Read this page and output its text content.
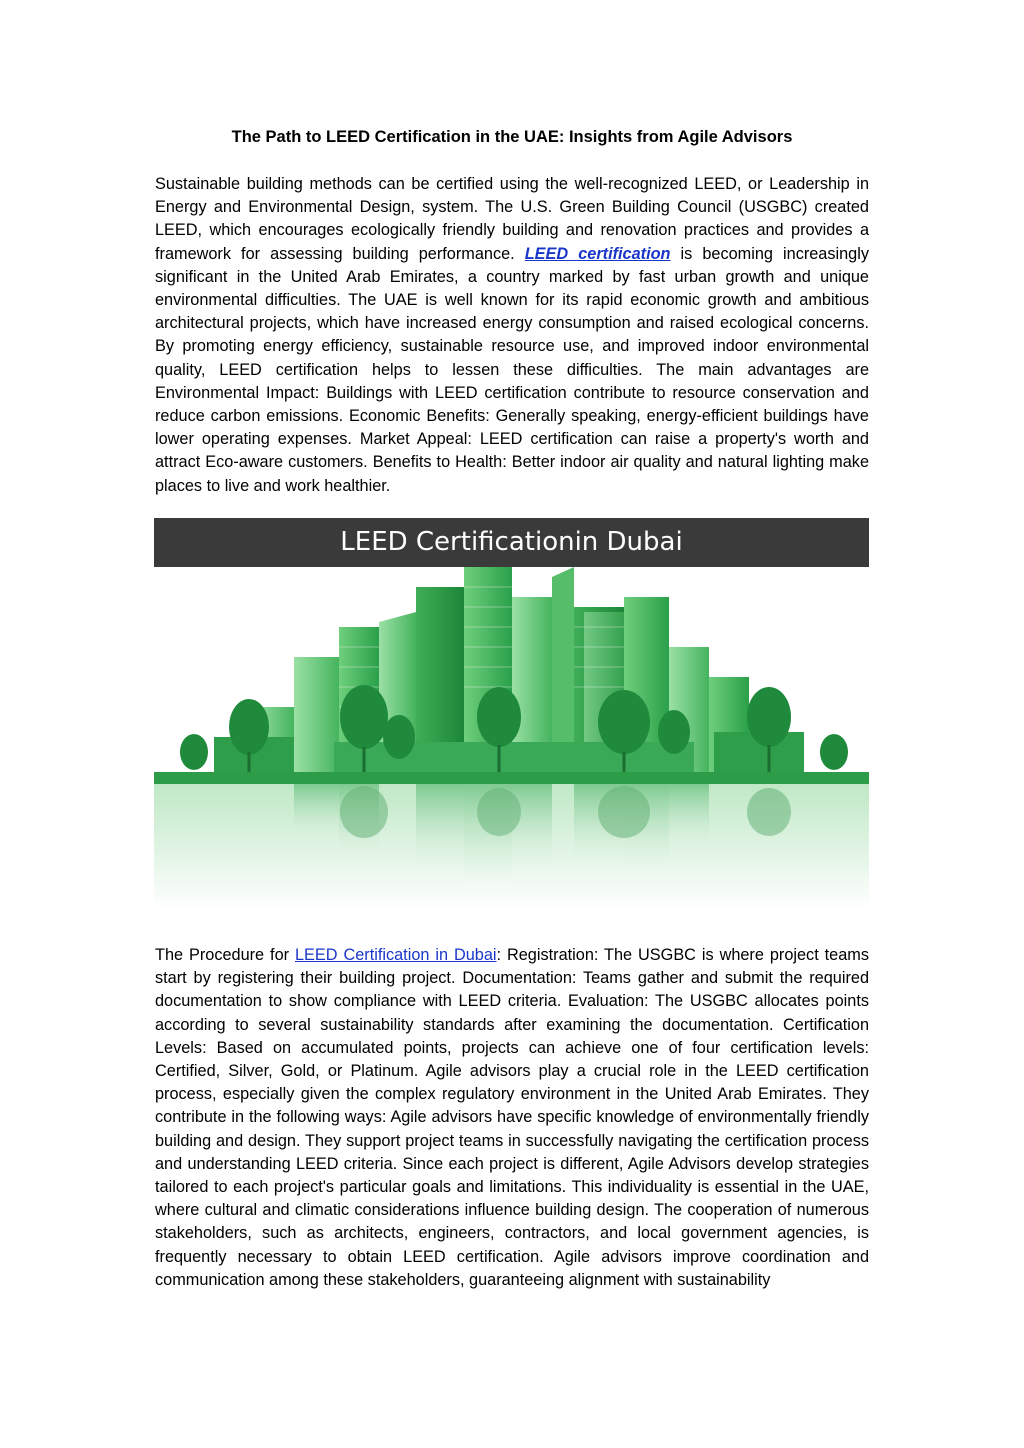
The Path to LEED Certification in the UAE: Insights from Agile Advisors

Sustainable building methods can be certified using the well-recognized LEED, or Leadership in Energy and Environmental Design, system. The U.S. Green Building Council (USGBC) created LEED, which encourages ecologically friendly building and renovation practices and provides a framework for assessing building performance. LEED certification is becoming increasingly significant in the United Arab Emirates, a country marked by fast urban growth and unique environmental difficulties. The UAE is well known for its rapid economic growth and ambitious architectural projects, which have increased energy consumption and raised ecological concerns. By promoting energy efficiency, sustainable resource use, and improved indoor environmental quality, LEED certification helps to lessen these difficulties. The main advantages are Environmental Impact: Buildings with LEED certification contribute to resource conservation and reduce carbon emissions. Economic Benefits: Generally speaking, energy-efficient buildings have lower operating expenses. Market Appeal: LEED certification can raise a property's worth and attract Eco-aware customers. Benefits to Health: Better indoor air quality and natural lighting make places to live and work healthier.

LEED Certificationin Dubai

The Procedure for LEED Certification in Dubai: Registration: The USGBC is where project teams start by registering their building project. Documentation: Teams gather and submit the required documentation to show compliance with LEED criteria. Evaluation: The USGBC allocates points according to several sustainability standards after examining the documentation. Certification Levels: Based on accumulated points, projects can achieve one of four certification levels: Certified, Silver, Gold, or Platinum. Agile advisors play a crucial role in the LEED certification process, especially given the complex regulatory environment in the United Arab Emirates. They contribute in the following ways: Agile advisors have specific knowledge of environmentally friendly building and design. They support project teams in successfully navigating the certification process and understanding LEED criteria. Since each project is different, Agile Advisors develop strategies tailored to each project's particular goals and limitations. This individuality is essential in the UAE, where cultural and climatic considerations influence building design. The cooperation of numerous stakeholders, such as architects, engineers, contractors, and local government agencies, is frequently necessary to obtain LEED certification. Agile advisors improve coordination and communication among these stakeholders, guaranteeing alignment with sustainability
